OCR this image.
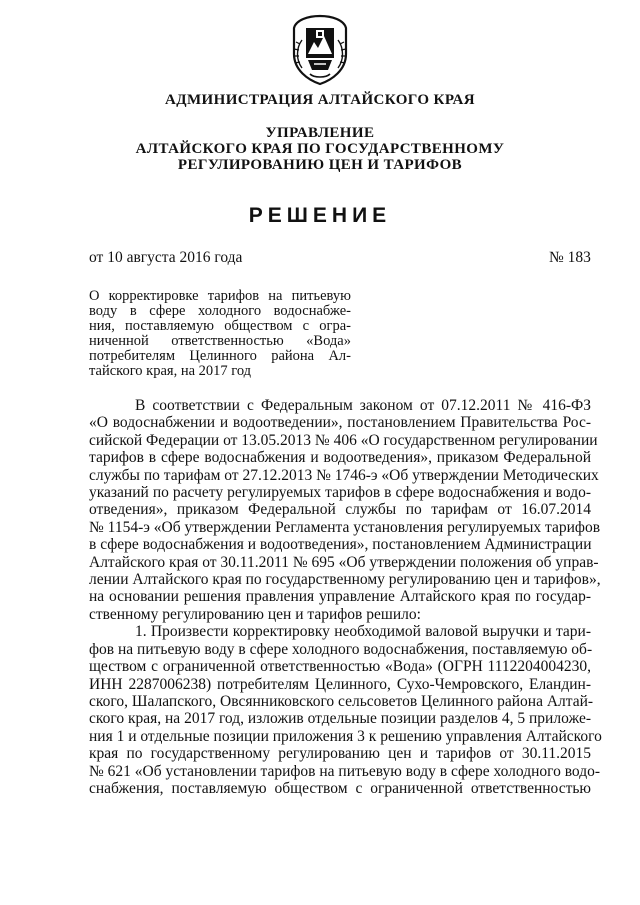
АДМИНИСТРАЦИЯ АЛТАЙСКОГО КРАЯ
УПРАВЛЕНИЕ
АЛТАЙСКОГО КРАЯ ПО ГОСУДАРСТВЕННОМУ
РЕГУЛИРОВАНИЮ ЦЕН И ТАРИФОВ
РЕШЕНИЕ
от 10 августа 2016 года	№ 183
О корректировке тарифов на питьевую
воду в сфере холодного водоснабже-
ния, поставляемую обществом с огра-
ниченной ответственностью «Вода»
потребителям Целинного района Ал-
тайского края, на 2017 год
В соответствии с Федеральным законом от 07.12.2011 № 416-ФЗ
«О водоснабжении и водоотведении», постановлением Правительства Рос-
сийской Федерации от 13.05.2013 № 406 «О государственном регулировании
тарифов в сфере водоснабжения и водоотведения», приказом Федеральной
службы по тарифам от 27.12.2013 № 1746-э «Об утверждении Методических
указаний по расчету регулируемых тарифов в сфере водоснабжения и водо-
отведения», приказом Федеральной службы по тарифам от 16.07.2014
№ 1154-э «Об утверждении Регламента установления регулируемых тарифов
в сфере водоснабжения и водоотведения», постановлением Администрации
Алтайского края от 30.11.2011 № 695 «Об утверждении положения об управ-
лении Алтайского края по государственному регулированию цен и тарифов»,
на основании решения правления управление Алтайского края по государ-
ственному регулированию цен и тарифов решило:
1. Произвести корректировку необходимой валовой выручки и тари-
фов на питьевую воду в сфере холодного водоснабжения, поставляемую об-
ществом с ограниченной ответственностью «Вода» (ОГРН 1112204004230,
ИНН 2287006238) потребителям Целинного, Сухо-Чемровского, Еландин-
ского, Шалапского, Овсянниковского сельсоветов Целинного района Алтай-
ского края, на 2017 год, изложив отдельные позиции разделов 4, 5 приложе-
ния 1 и отдельные позиции приложения 3 к решению управления Алтайского
края по государственному регулированию цен и тарифов от 30.11.2015
№ 621 «Об установлении тарифов на питьевую воду в сфере холодного водо-
снабжения, поставляемую обществом с ограниченной ответственностью
